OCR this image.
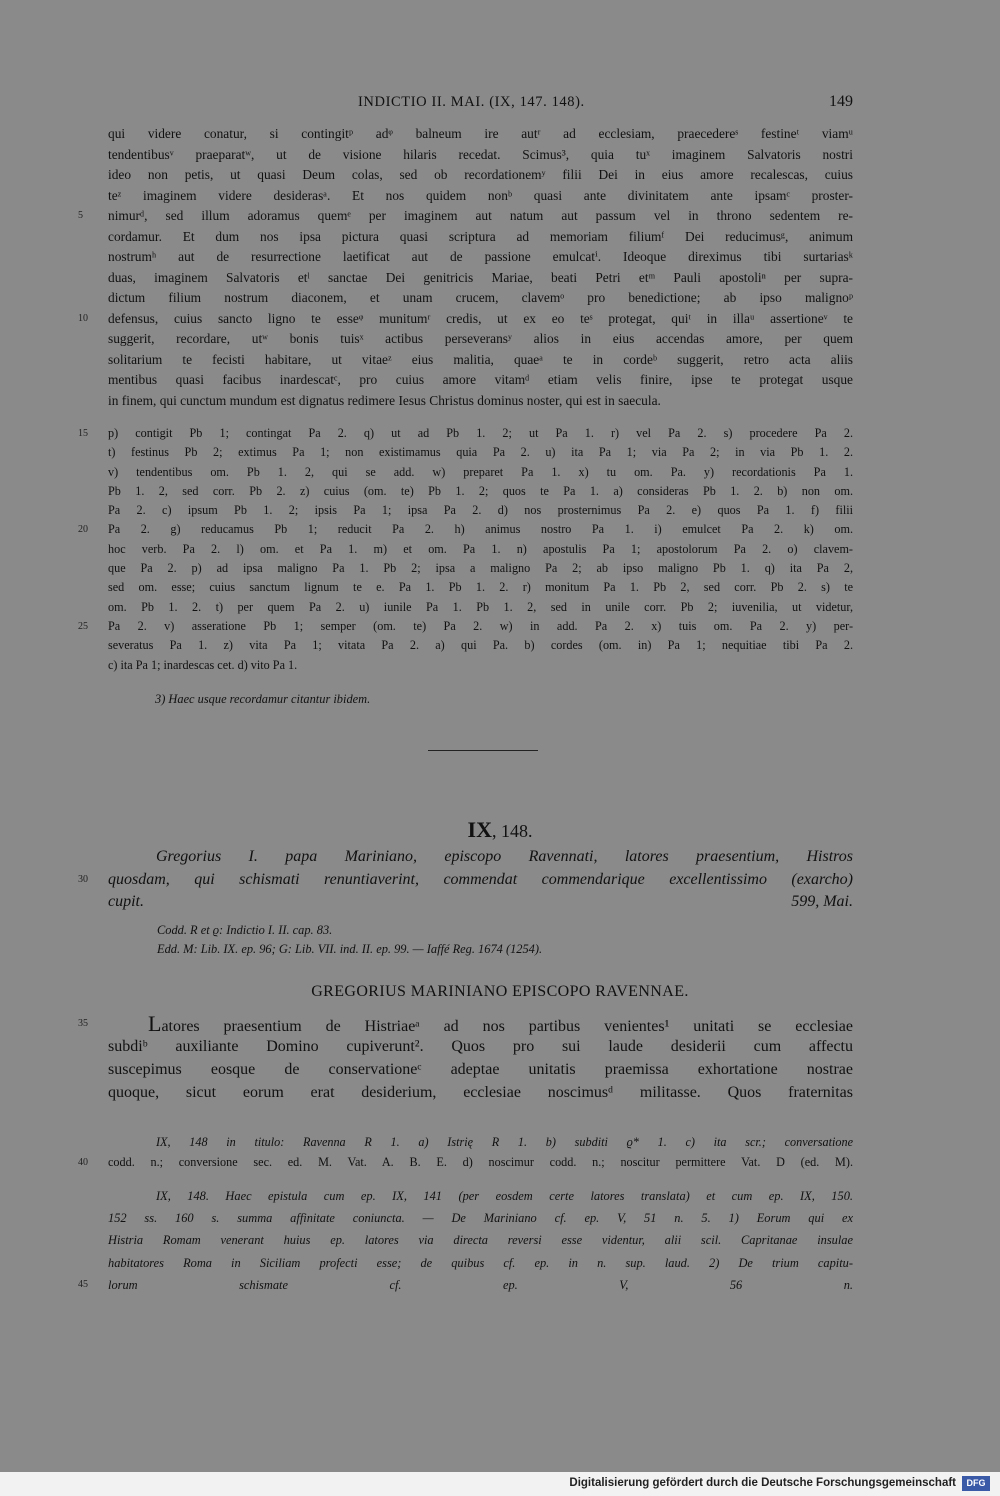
INDICTIO II. MAI. (IX, 147. 148).	149
qui videre conatur, si contingitᵖ adᵠ balneum ire autʳ ad ecclesiam, praecedereˢ festineᵗ viamᵘ
tendentibusᵛ praeparatʷ, ut de visione hilaris recedat. Scimus³, quia tuˣ imaginem Salvatoris nostri
ideo non petis, ut quasi Deum colas, sed ob recordationemʸ filii Dei in eius amore recalescas, cuius
teᶻ imaginem videre desiderasᵃ. Et nos quidem nonᵇ quasi ante divinitatem ante ipsamᶜ proster-
5	nimurᵈ, sed illum adoramus quemᵉ per imaginem aut natum aut passum vel in throno sedentem re-
cordamur. Et dum nos ipsa pictura quasi scriptura ad memoriam filiumᶠ Dei reducimusᵍ, animum
nostrumʰ aut de resurrectione laetificat aut de passione emulcatⁱ. Ideoque direximus tibi surtariasᵏ
duas, imaginem Salvatoris etˡ sanctae Dei genitricis Mariae, beati Petri etᵐ Pauli apostoliⁿ per supra-
dictum filium nostrum diaconem, et unam crucem, clavemᵒ pro benedictione; ab ipso malignoᵖ
10	defensus, cuius sancto ligno te esseᵠ munitumʳ credis, ut ex eo teˢ protegat, quiᵗ in illaᵘ assertioneᵛ te
suggerit, recordare, utʷ bonis tuisˣ actibus perseveransʸ alios in eius accendas amore, per quem
solitarium te fecisti habitare, ut vitaeᶻ eius malitia, quaeᵃ te in cordeᵇ suggerit, retro acta aliis
mentibus quasi facibus inardescatᶜ, pro cuius amore vitamᵈ etiam velis finire, ipse te protegat usque
in finem, qui cunctum mundum est dignatus redimere Iesus Christus dominus noster, qui est in saecula.
15	p) contigit Pb 1; contingat Pa 2. q) ut ad Pb 1. 2; ut Pa 1. r) vel Pa 2. s) procedere Pa 2.
t) festinus Pb 2; extimus Pa 1; non existimamus quia Pa 2. u) ita Pa 1; via Pa 2; in via Pb 1. 2.
v) tendentibus om. Pb 1. 2, qui se add. w) preparet Pa 1. x) tu om. Pa. y) recordationis Pa 1.
Pb 1. 2, sed corr. Pb 2. z) cuius (om. te) Pb 1. 2; quos te Pa 1. a) consideras Pb 1. 2. b) non om.
Pa 2. c) ipsum Pb 1. 2; ipsis Pa 1; ipsa Pa 2. d) nos prosternimus Pa 2. e) quos Pa 1. f) filii
20	Pa 2. g) reducamus Pb 1; reducit Pa 2. h) animus nostro Pa 1. i) emulcet Pa 2. k) om.
hoc verb. Pa 2. l) om. et Pa 1. m) et om. Pa 1. n) apostulis Pa 1; apostolorum Pa 2. o) clavem-
que Pa 2. p) ad ipsa maligno Pa 1. Pb 2; ipsa a maligno Pa 2; ab ipso maligno Pb 1. q) ita Pa 2,
sed om. esse; cuius sanctum lignum te e. Pa 1. Pb 1. 2. r) monitum Pa 1. Pb 2, sed corr. Pb 2. s) te
om. Pb 1. 2. t) per quem Pa 2. u) iunile Pa 1. Pb 1. 2, sed in unile corr. Pb 2; iuvenilia, ut videtur,
25	Pa 2. v) asseratione Pb 1; semper (om. te) Pa 2. w) in add. Pa 2. x) tuis om. Pa 2. y) per-
severatus Pa 1. z) vita Pa 1; vitata Pa 2. a) qui Pa. b) cordes (om. in) Pa 1; nequitiae tibi Pa 2.
c) ita Pa 1; inardescas cet. d) vito Pa 1.
3) Haec usque recordamur citantur ibidem.
IX, 148.
Gregorius I. papa Mariniano, episcopo Ravennati, latores praesentium, Histros
30	quosdam, qui schismati renuntiaverint, commendat commendarique excellentissimo (exarcho)
cupit.	599, Mai.
Codd. R et ϱ: Indictio I. II. cap. 83.
Edd. M: Lib. IX. ep. 96; G: Lib. VII. ind. II. ep. 99. — Iaffé Reg. 1674 (1254).
GREGORIUS MARINIANO EPISCOPO RAVENNAE.
35	Latores praesentium de Histriaeᵃ ad nos partibus venientes¹ unitati se ecclesiae
subdiᵇ auxiliante Domino cupiverunt². Quos pro sui laude desiderii cum affectu
suscepimus eosque de conservationeᶜ adeptae unitatis praemissa exhortatione nostrae
quoque, sicut eorum erat desiderium, ecclesiae noscimusᵈ militasse. Quos fraternitas
IX, 148 in titulo: Ravenna R 1. a) Istrię R 1. b) subditi ϱ* 1. c) ita scr.; conversatione
40	codd. n.; conversione sec. ed. M. Vat. A. B. E. d) noscimur codd. n.; noscitur permittere Vat. D (ed. M).
IX, 148. Haec epistula cum ep. IX, 141 (per eosdem certe latores translata) et cum ep. IX, 150.
152 ss. 160 s. summa affinitate coniuncta. — De Mariniano cf. ep. V, 51 n. 5. 1) Eorum qui ex
Histria Romam venerant huius ep. latores via directa reversi esse videntur, alii scil. Capritanae insulae
habitatores Roma in Siciliam profecti esse; de quibus cf. ep. in n. sup. laud. 2) De trium capitu-
45	lorum schismate cf. ep. V, 56 n.
Digitalisierung gefördert durch die Deutsche Forschungsgemeinschaft	DFG
